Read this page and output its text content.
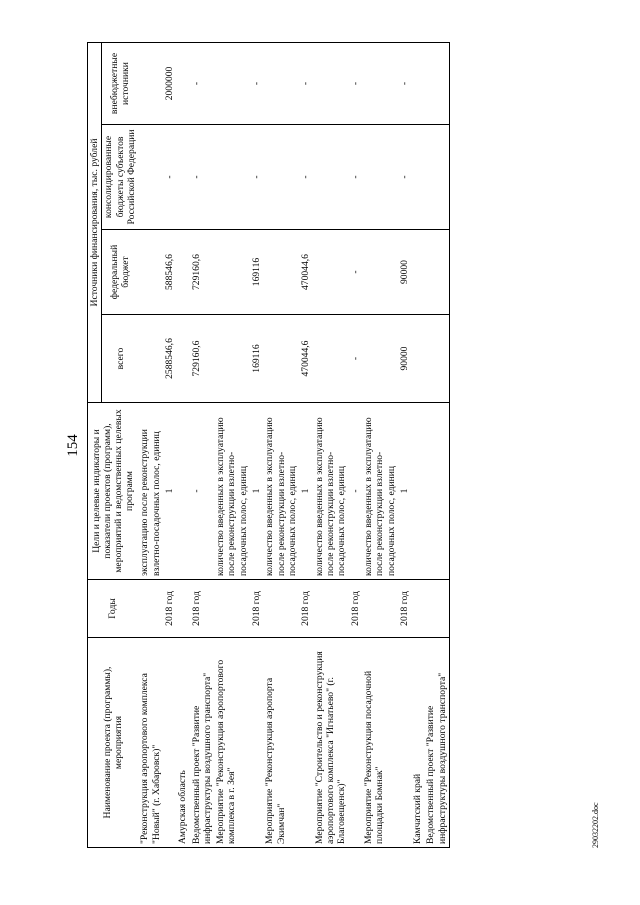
154
Наименование проекта (программы), мероприятия	Годы	Цели и целевые индикаторы и показатели проектов (программ), мероприятий и ведомственных целевых программ	Источники финансирования, тыс. рублей			
			всего	федеральный бюджет	консолидированные бюджеты субъектов Российской Федерации	внебюджетные источники

"Реконструкция аэропортового комплекса "Новый" (г. Хабаровск)"		эксплуатацию после реконструкции взлетно-посадочных полос, единиц				
	2018 год	1	2588546,6	588546,6	-	2000000
Амурская область						
Ведомственный проект "Развитие инфраструктуры воздушного транспорта"	2018 год	-	729160,6	729160,6	-	-
Мероприятие "Реконструкция аэропортового комплекса в г. Зея"		количество введенных в эксплуатацию после реконструкции взлетно-посадочных полос, единиц				
	2018 год	1	169116	169116	-	-
Мероприятие "Реконструкция аэропорта Экимчан"		количество введенных в эксплуатацию после реконструкции взлетно-посадочных полос, единиц				
	2018 год	1	470044,6	470044,6	-	-
Мероприятие "Строительство и реконструкция аэропортового комплекса "Игнатьево" (г. Благовещенск)"		количество введенных в эксплуатацию после реконструкции взлетно-посадочных полос, единиц				
	2018 год	-	-	-	-	-
Мероприятие "Реконструкция посадочной площадки Бомнак"		количество введенных в эксплуатацию после реконструкции взлетно-посадочных полос, единиц				
	2018 год	1	90000	90000	-	-
Камчатский край						
Ведомственный проект "Развитие инфраструктуры воздушного транспорта"							29032202.doc
